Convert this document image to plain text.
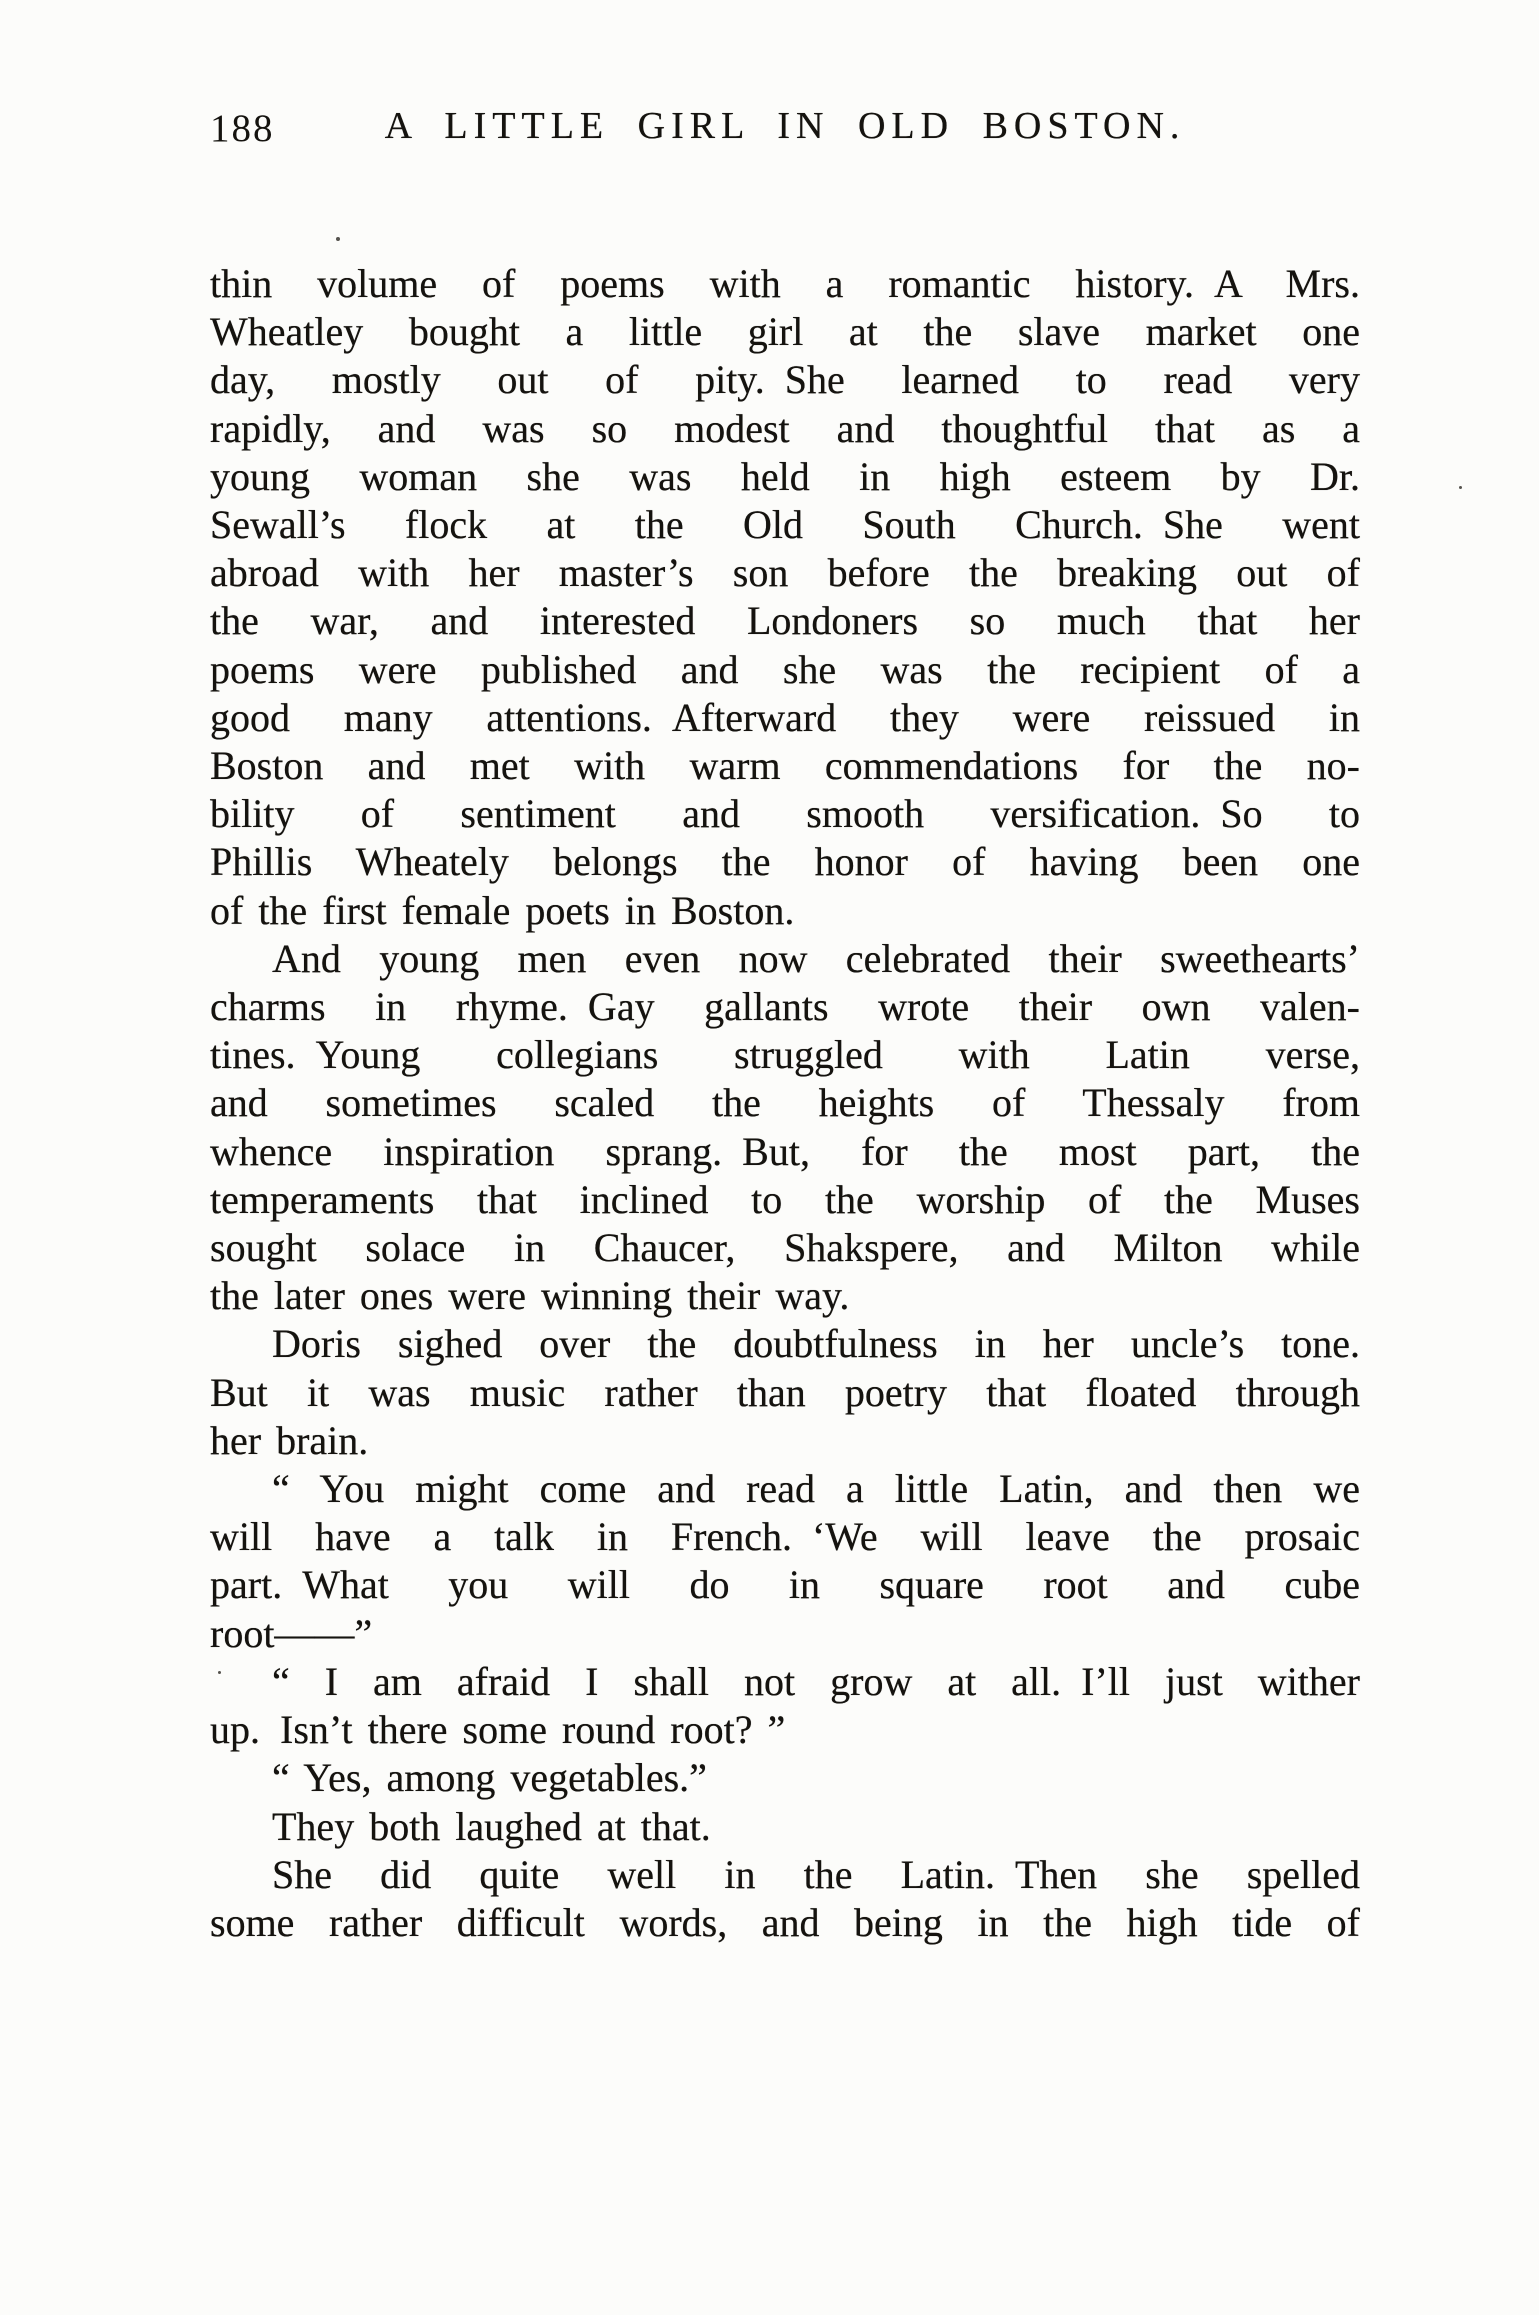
188	A LITTLE GIRL IN OLD BOSTON.
thin volume of poems with a romantic history. A Mrs.
Wheatley bought a little girl at the slave market one
day, mostly out of pity. She learned to read very
rapidly, and was so modest and thoughtful that as a
young woman she was held in high esteem by Dr.
Sewall’s flock at the Old South Church. She went
abroad with her master’s son before the breaking out of
the war, and interested Londoners so much that her
poems were published and she was the recipient of a
good many attentions. Afterward they were reissued in
Boston and met with warm commendations for the no-
bility of sentiment and smooth versification. So to
Phillis Wheately belongs the honor of having been one
of the first female poets in Boston.
And young men even now celebrated their sweethearts’
charms in rhyme. Gay gallants wrote their own valen-
tines. Young collegians struggled with Latin verse,
and sometimes scaled the heights of Thessaly from
whence inspiration sprang. But, for the most part, the
temperaments that inclined to the worship of the Muses
sought solace in Chaucer, Shakspere, and Milton while
the later ones were winning their way.
Doris sighed over the doubtfulness in her uncle’s tone.
But it was music rather than poetry that floated through
her brain.
“ You might come and read a little Latin, and then we
will have a talk in French. ‘We will leave the prosaic
part. What you will do in square root and cube
root——”
“ I am afraid I shall not grow at all. I’ll just wither
up. Isn’t there some round root? ”
“ Yes, among vegetables.”
They both laughed at that.
She did quite well in the Latin. Then she spelled
some rather difficult words, and being in the high tide of
